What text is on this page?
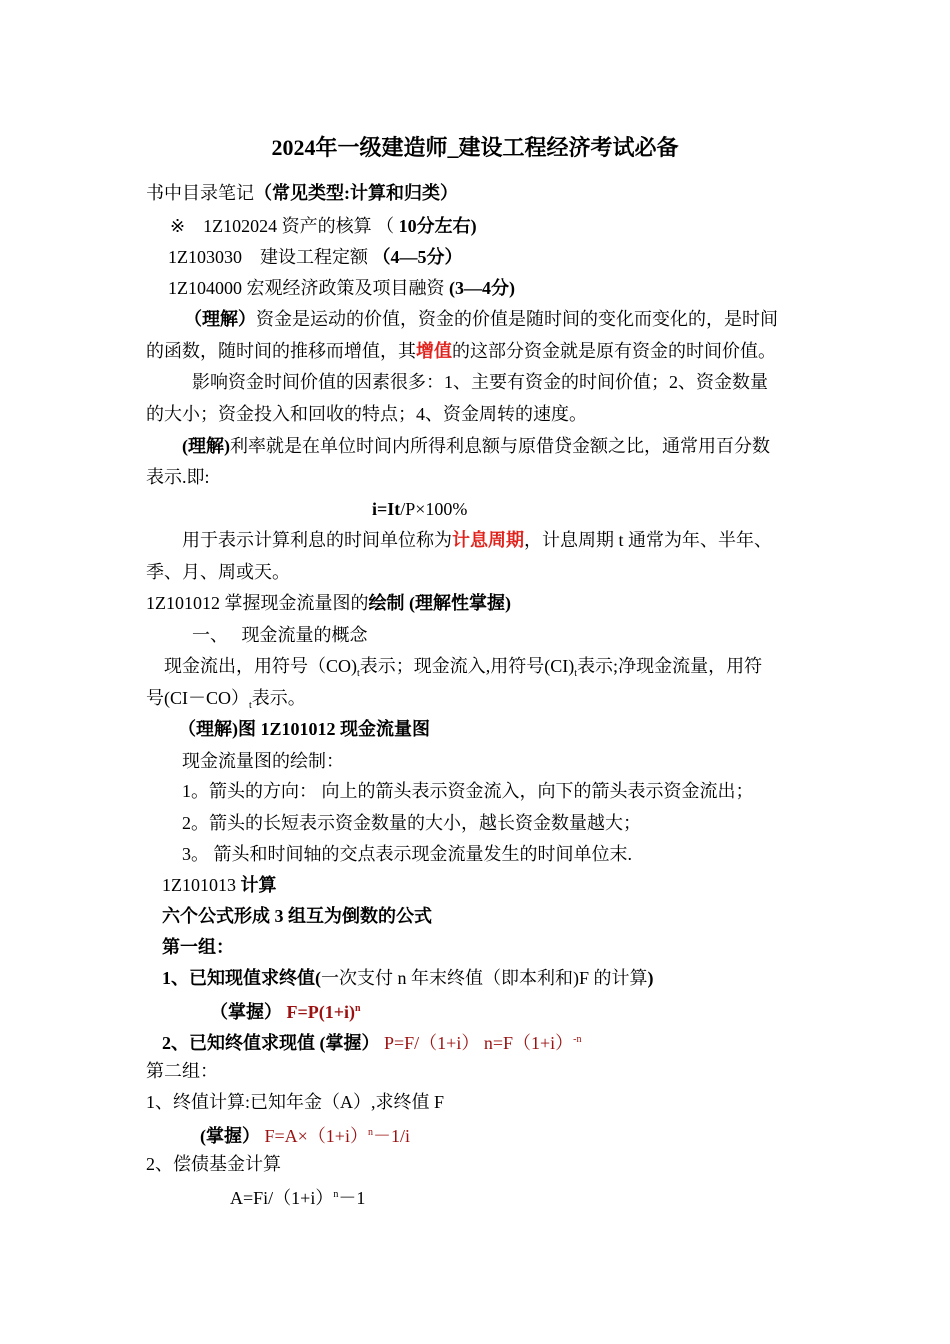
2024年一级建造师_建设工程经济考试必备
书中目录笔记（常见类型:计算和归类）
※　1Z102024 资产的核算 （ 10分左右)
1Z103030　建设工程定额 （4—5分）
1Z104000 宏观经济政策及项目融资 (3—4分)
（理解）资金是运动的价值，资金的价值是随时间的变化而变化的，是时间
的函数，随时间的推移而增值，其增值的这部分资金就是原有资金的时间价值。
影响资金时间价值的因素很多：1、主要有资金的时间价值；2、资金数量
的大小；资金投入和回收的特点；4、资金周转的速度。
(理解)利率就是在单位时间内所得利息额与原借贷金额之比，通常用百分数
表示.即:
i=It/P×100%
用于表示计算利息的时间单位称为计息周期，计息周期 t 通常为年、半年、
季、月、周或天。
1Z101012 掌握现金流量图的绘制 (理解性掌握)
一、　 现金流量的概念
现金流出，用符号$(CO)_t$表示；现金流入,用符号$(CI)_t$表示;净现金流量，用符
号$(CI-CO)_t$表示。
（理解)图 1Z101012 现金流量图
现金流量图的绘制：
1。箭头的方向： 向上的箭头表示资金流入，向下的箭头表示资金流出；
2。箭头的长短表示资金数量的大小，越长资金数量越大；
3。 箭头和时间轴的交点表示现金流量发生的时间单位末.
1Z101013 计算
六个公式形成 3 组互为倒数的公式
第一组：
1、已知现值求终值(一次支付 n 年末终值（即本利和)F 的计算)
（掌握） $F=P(1+i)^n$
2、已知终值求现值 (掌握） P=F/（1+i） $n=F(1+i)^{-n}$
第二组：
1、终值计算:已知年金（A）,求终值 F
(掌握） $F=A\times(1+i)^n-1/i$
2、偿债基金计算
$A=Fi/(1+i)^n-1$
